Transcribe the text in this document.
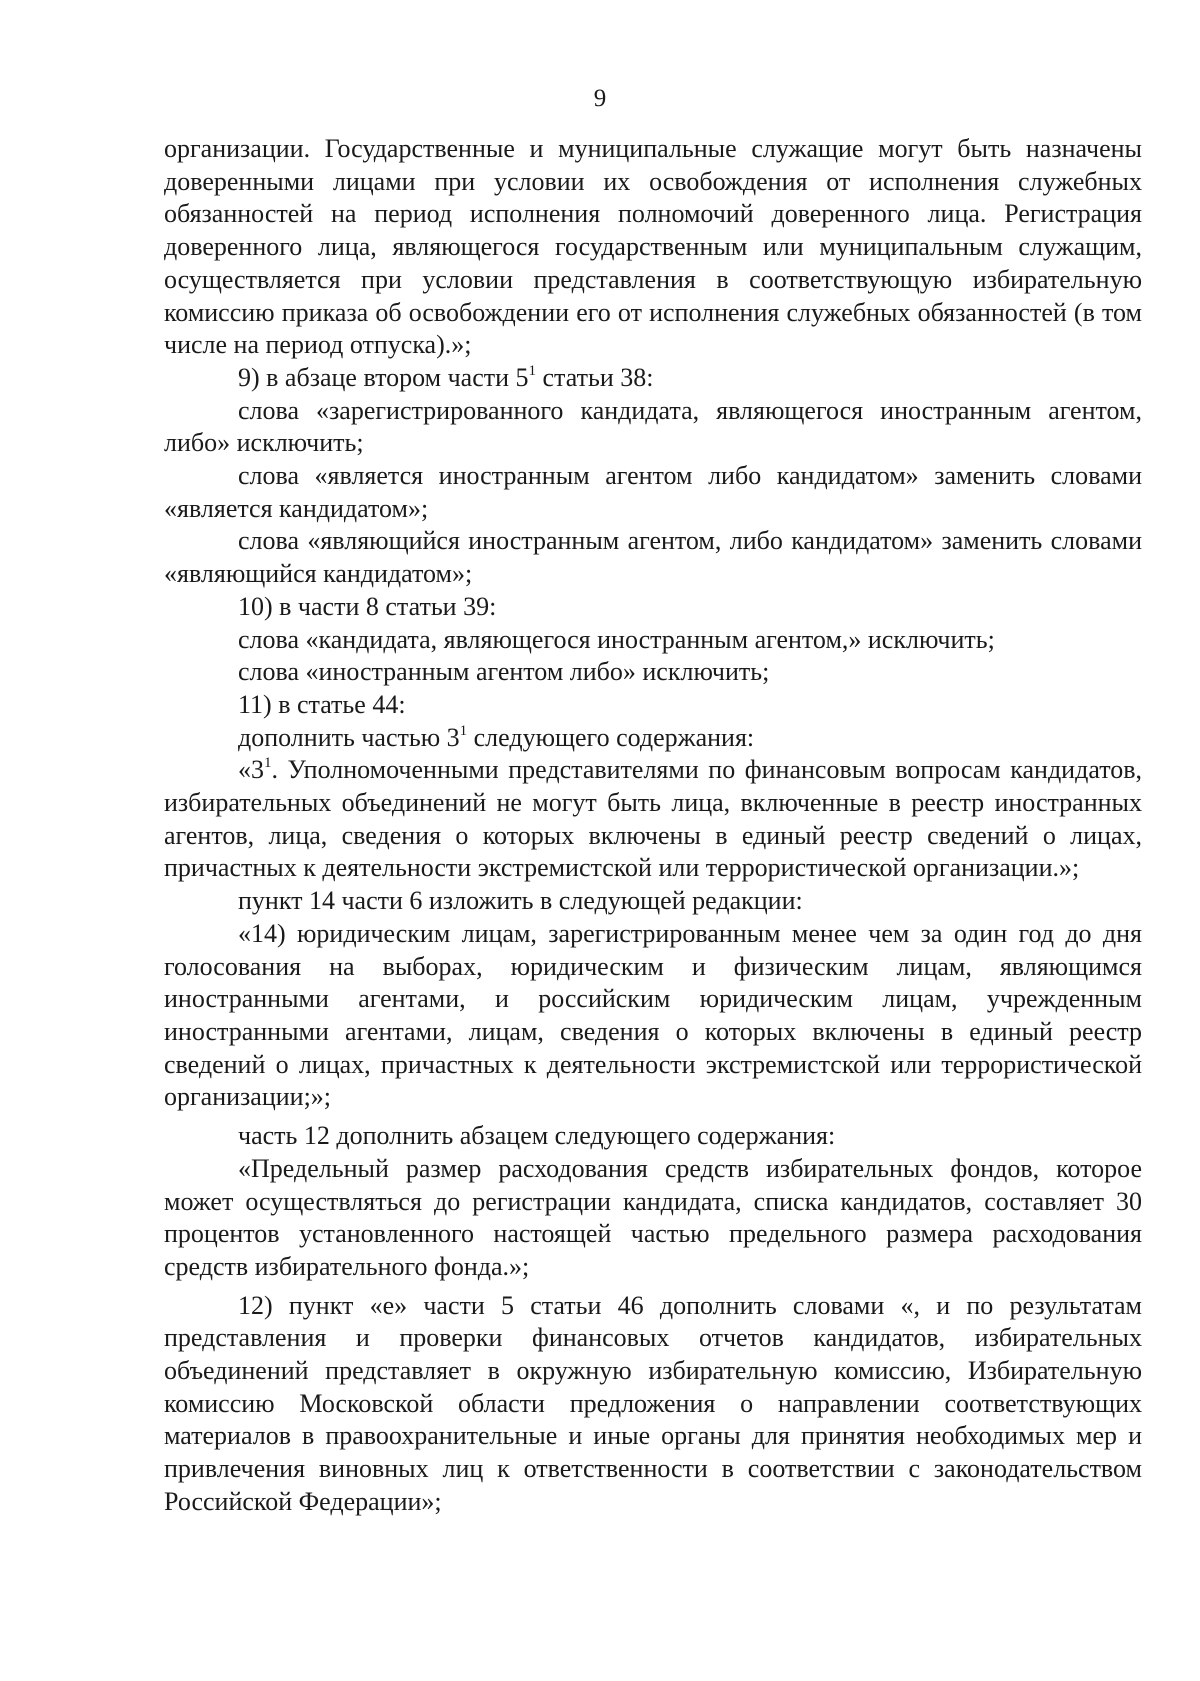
9

организации. Государственные и муниципальные служащие могут быть назначены доверенными лицами при условии их освобождения от исполнения служебных обязанностей на период исполнения полномочий доверенного лица. Регистрация доверенного лица, являющегося государственным или муниципальным служащим, осуществляется при условии представления в соответствующую избирательную комиссию приказа об освобождении его от исполнения служебных обязанностей (в том числе на период отпуска).»;

9) в абзаце втором части $5^1$ статьи 38:

слова «зарегистрированного кандидата, являющегося иностранным агентом, либо» исключить;

слова «является иностранным агентом либо кандидатом» заменить словами «является кандидатом»;

слова «являющийся иностранным агентом, либо кандидатом» заменить словами «являющийся кандидатом»;

10) в части 8 статьи 39:

слова «кандидата, являющегося иностранным агентом,» исключить;

слова «иностранным агентом либо» исключить;

11) в статье 44:

дополнить частью $3^1$ следующего содержания:

«$3^1$. Уполномоченными представителями по финансовым вопросам кандидатов, избирательных объединений не могут быть лица, включенные в реестр иностранных агентов, лица, сведения о которых включены в единый реестр сведений о лицах, причастных к деятельности экстремистской или террористической организации.»;

пункт 14 части 6 изложить в следующей редакции:

«14) юридическим лицам, зарегистрированным менее чем за один год до дня голосования на выборах, юридическим и физическим лицам, являющимся иностранными агентами, и российским юридическим лицам, учрежденным иностранными агентами, лицам, сведения о которых включены в единый реестр сведений о лицах, причастных к деятельности экстремистской или террористической организации;»;

часть 12 дополнить абзацем следующего содержания:

«Предельный размер расходования средств избирательных фондов, которое может осуществляться до регистрации кандидата, списка кандидатов, составляет 30 процентов установленного настоящей частью предельного размера расходования средств избирательного фонда.»;

12) пункт «е» части 5 статьи 46 дополнить словами «, и по результатам представления и проверки финансовых отчетов кандидатов, избирательных объединений представляет в окружную избирательную комиссию, Избирательную комиссию Московской области предложения о направлении соответствующих материалов в правоохранительные и иные органы для принятия необходимых мер и привлечения виновных лиц к ответственности в соответствии с законодательством Российской Федерации»;
